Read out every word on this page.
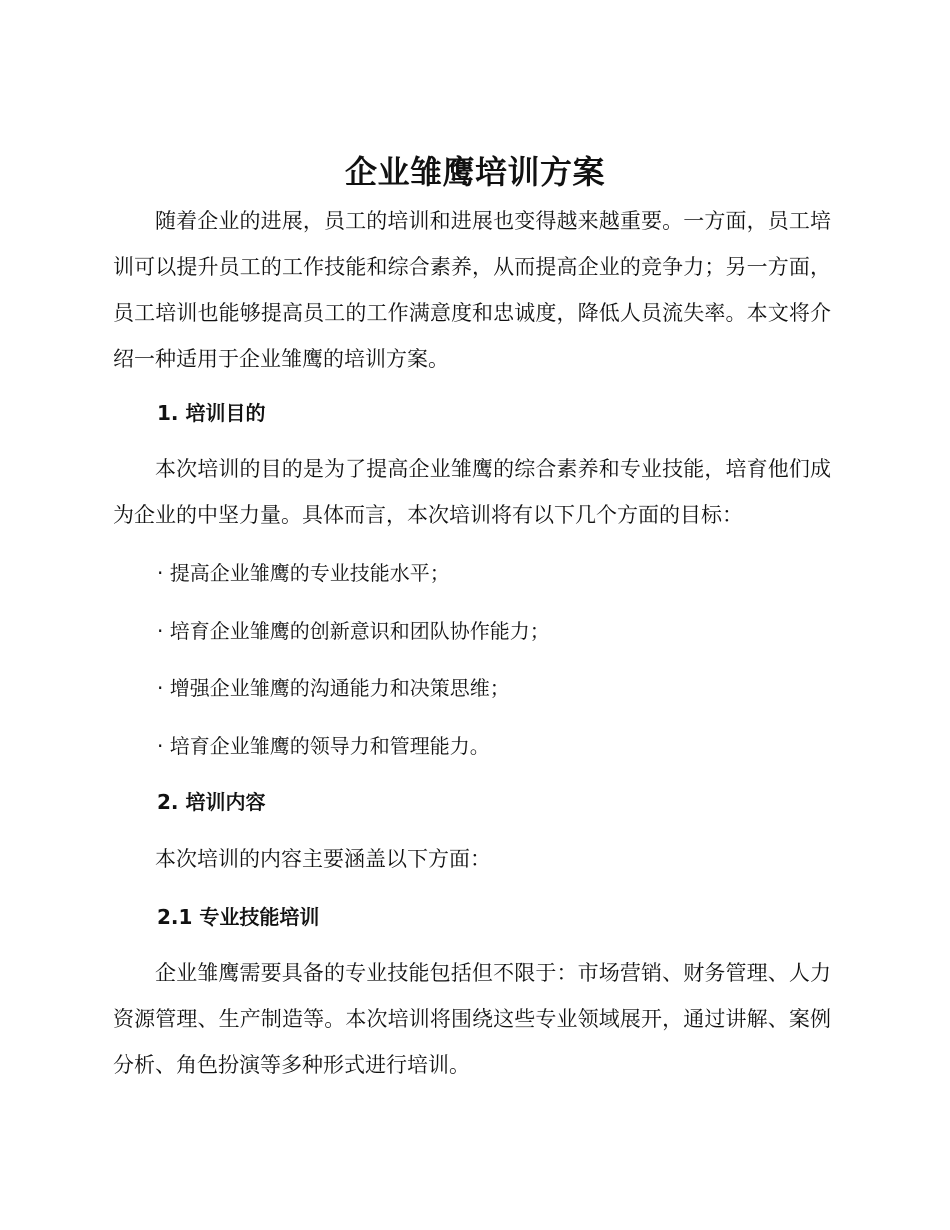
企业雏鹰培训方案

随着企业的进展，员工的培训和进展也变得越来越重要。一方面，员工培训可以提升员工的工作技能和综合素养，从而提高企业的竞争力；另一方面，员工培训也能够提高员工的工作满意度和忠诚度，降低人员流失率。本文将介绍一种适用于企业雏鹰的培训方案。

1. 培训目的

本次培训的目的是为了提高企业雏鹰的综合素养和专业技能，培育他们成为企业的中坚力量。具体而言，本次培训将有以下几个方面的目标：

· 提高企业雏鹰的专业技能水平；

· 培育企业雏鹰的创新意识和团队协作能力；

· 增强企业雏鹰的沟通能力和决策思维；

· 培育企业雏鹰的领导力和管理能力。

2. 培训内容

本次培训的内容主要涵盖以下方面：

2.1 专业技能培训

企业雏鹰需要具备的专业技能包括但不限于：市场营销、财务管理、人力资源管理、生产制造等。本次培训将围绕这些专业领域展开，通过讲解、案例分析、角色扮演等多种形式进行培训。
